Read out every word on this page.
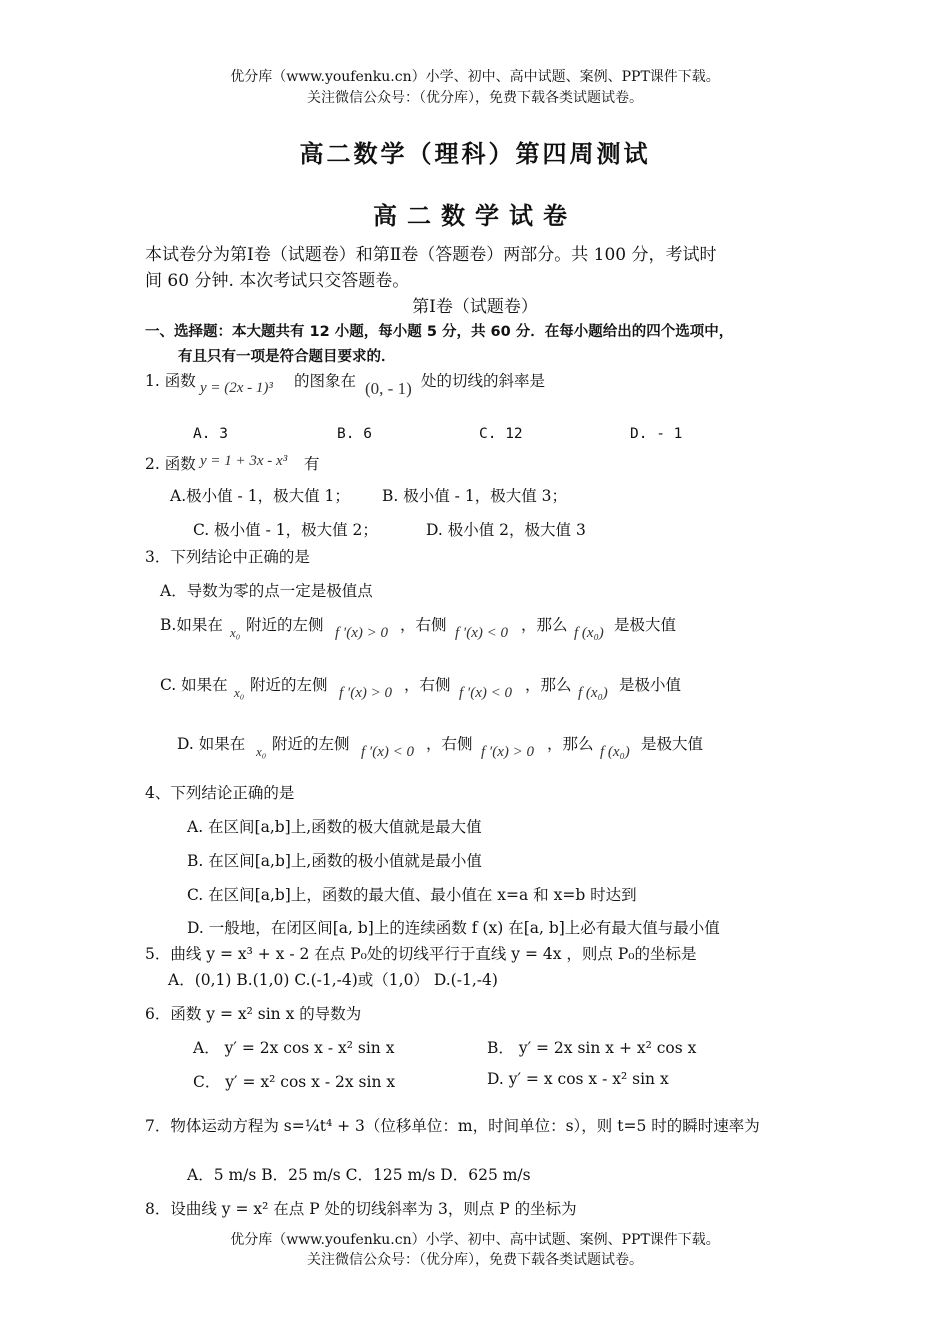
优分库（www.youfenku.cn）小学、初中、高中试题、案例、PPT课件下载。
关注微信公众号：（优分库），免费下载各类试题试卷。
高二数学（理科）第四周测试
高二数学试卷
本试卷分为第Ⅰ卷（试题卷）和第Ⅱ卷（答题卷）两部分。共 100 分，考试时
间 60 分钟. 本次考试只交答题卷。
第Ⅰ卷（试题卷）
一、选择题：本大题共有 12 小题，每小题 5 分，共 60 分．在每小题给出的四个选项中，
有且只有一项是符合题目要求的．
1. 函数 y = (2x - 1)³ 的图象在 (0, - 1) 处的切线的斜率是
A. 3	B. 6	C. 12	D. - 1
2. 函数 y = 1 + 3x - x³ 有
A.极小值 - 1，极大值 1； B. 极小值 - 1，极大值 3；
C. 极小值 - 1，极大值 2；	D. 极小值 2，极大值 3
3．下列结论中正确的是
A．导数为零的点一定是极值点
B.如果在 x₀ 附近的左侧 f ′(x) > 0 ，右侧 f ′(x) < 0 ，那么 f (x₀) 是极大值
C. 如果在 x₀ 附近的左侧 f ′(x) > 0 ，右侧 f ′(x) < 0 ，那么 f (x₀) 是极小值
D. 如果在 x₀ 附近的左侧 f ′(x) < 0 ，右侧 f ′(x) > 0 ，那么 f (x₀) 是极大值
4、下列结论正确的是
A. 在区间[a,b]上,函数的极大值就是最大值
B. 在区间[a,b]上,函数的极小值就是最小值
C. 在区间[a,b]上，函数的最大值、最小值在 x=a 和 x=b 时达到
D. 一般地，在闭区间[a, b]上的连续函数 f (x) 在[a, b]上必有最大值与最小值
5．曲线 y = x³ + x - 2 在点 P₀处的切线平行于直线 y = 4x ，则点 P₀的坐标是
A．(0,1) B.(1,0) C.(-1,-4)或（1,0） D.(-1,-4)
6．函数 y = x² sin x 的导数为
A． y′ = 2x cos x - x² sin x	B． y′ = 2x sin x + x² cos x
C． y′ = x² cos x - 2x sin x	D. y′ = x cos x - x² sin x
7．物体运动方程为 s=¼t⁴ + 3（位移单位：m，时间单位：s），则 t=5 时的瞬时速率为
A．5 m/s B．25 m/s C．125 m/s D．625 m/s
8．设曲线 y = x² 在点 P 处的切线斜率为 3，则点 P 的坐标为
优分库（www.youfenku.cn）小学、初中、高中试题、案例、PPT课件下载。
关注微信公众号：（优分库），免费下载各类试题试卷。
